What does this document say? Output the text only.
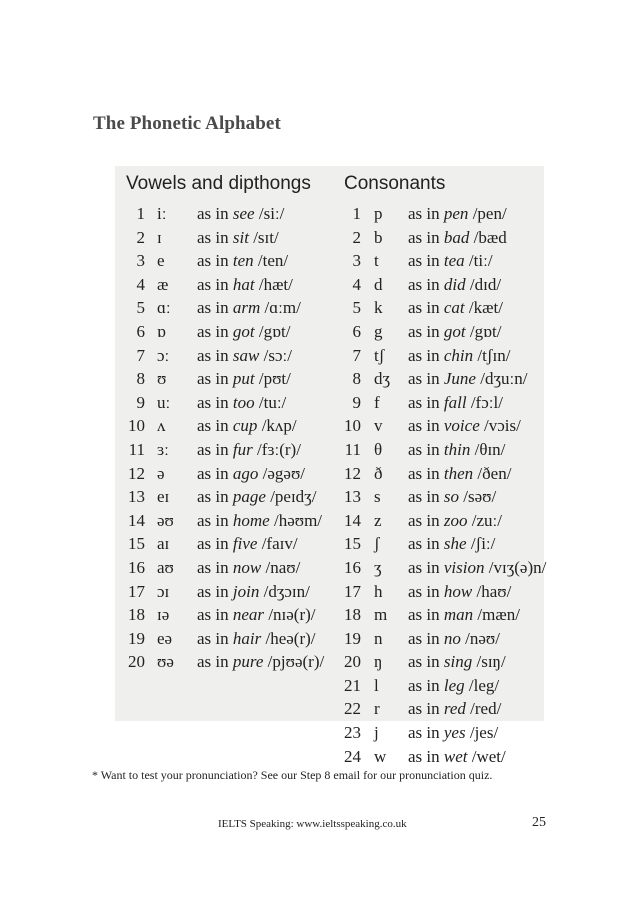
The Phonetic Alphabet
Vowels and dipthongs Consonants
1 iː as in see /siː/
2 ɪ as in sit /sɪt/
3 e as in ten /ten/
4 æ as in hat /hæt/
5 ɑː as in arm /ɑːm/
6 ɒ as in got /gɒt/
7 ɔː as in saw /sɔː/
8 ʊ as in put /pʊt/
9 uː as in too /tuː/
10 ʌ as in cup /kʌp/
11 ɜː as in fur /fɜː(r)/
12 ə as in ago /əgəʊ/
13 eɪ as in page /peɪdʒ/
14 əʊ as in home /həʊm/
15 aɪ as in five /faɪv/
16 aʊ as in now /naʊ/
17 ɔɪ as in join /dʒɔɪn/
18 ɪə as in near /nɪə(r)/
19 eə as in hair /heə(r)/
20 ʊə as in pure /pjʊə(r)/
1 p as in pen /pen/
2 b as in bad /bæd
3 t as in tea /tiː/
4 d as in did /dɪd/
5 k as in cat /kæt/
6 g as in got /gɒt/
7 tʃ as in chin /tʃɪn/
8 dʒ as in June /dʒuːn/
9 f as in fall /fɔːl/
10 v as in voice /vɔis/
11 θ as in thin /θɪn/
12 ð as in then /ðen/
13 s as in so /səʊ/
14 z as in zoo /zuː/
15 ʃ as in she /ʃiː/
16 ʒ as in vision /vɪʒ(ə)n/
17 h as in how /haʊ/
18 m as in man /mæn/
19 n as in no /nəʊ/
20 ŋ as in sing /sɪŋ/
21 l as in leg /leg/
22 r as in red /red/
23 j as in yes /jes/
24 w as in wet /wet/
* Want to test your pronunciation? See our Step 8 email for our pronunciation quiz.
IELTS Speaking: www.ieltsspeaking.co.uk	25
